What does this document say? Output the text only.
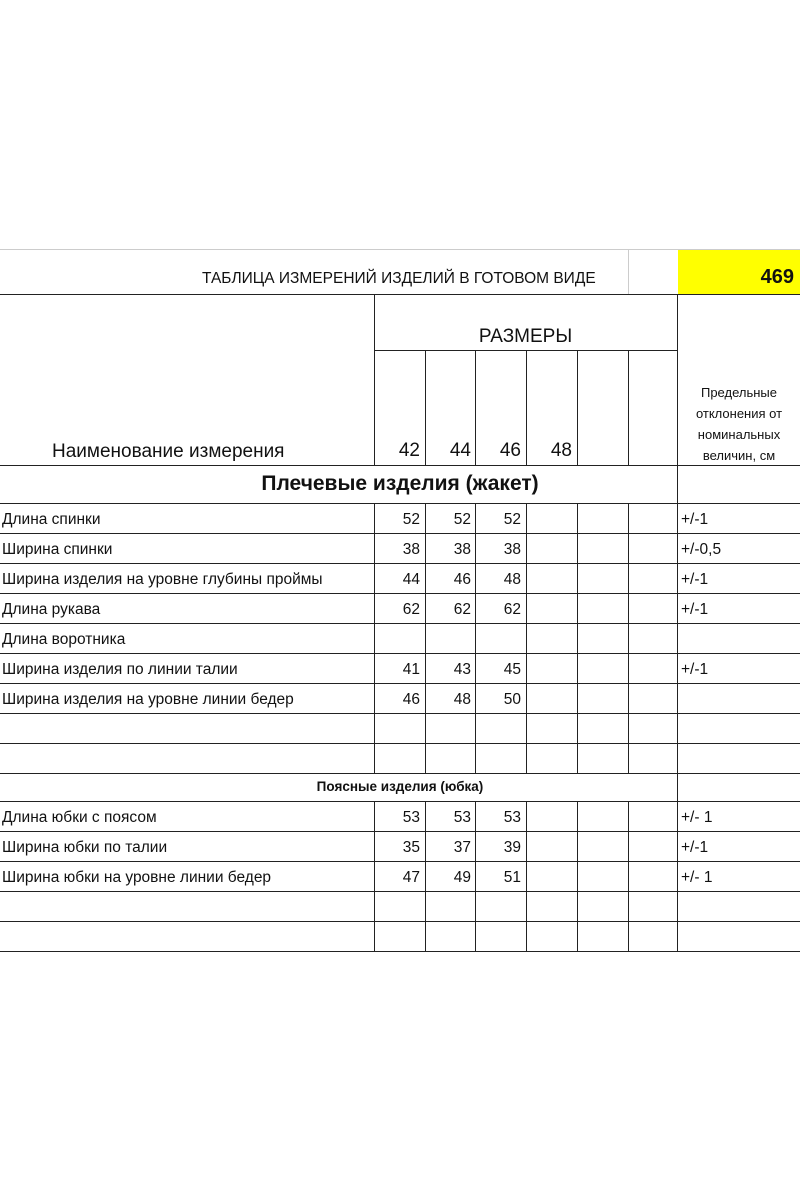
ТАБЛИЦА ИЗМЕРЕНИЙ ИЗДЕЛИЙ В ГОТОВОМ ВИДЕ	469
РАЗМЕРЫ
Наименование измерения
Предельные отклонения от номинальных величин, см
42	44	46	48
Плечевые изделия (жакет)
Длина спинки	52	52	52	+/-1
Ширина спинки	38	38	38	+/-0,5
Ширина изделия на уровне глубины проймы	44	46	48	+/-1
Длина рукава	62	62	62	+/-1
Длина воротника
Ширина изделия по линии талии	41	43	45	+/-1
Ширина изделия на уровне линии бедер	46	48	50
Поясные изделия (юбка)
Длина юбки с поясом	53	53	53	+/- 1
Ширина юбки по талии	35	37	39	+/-1
Ширина юбки на уровне линии бедер	47	49	51	+/- 1
